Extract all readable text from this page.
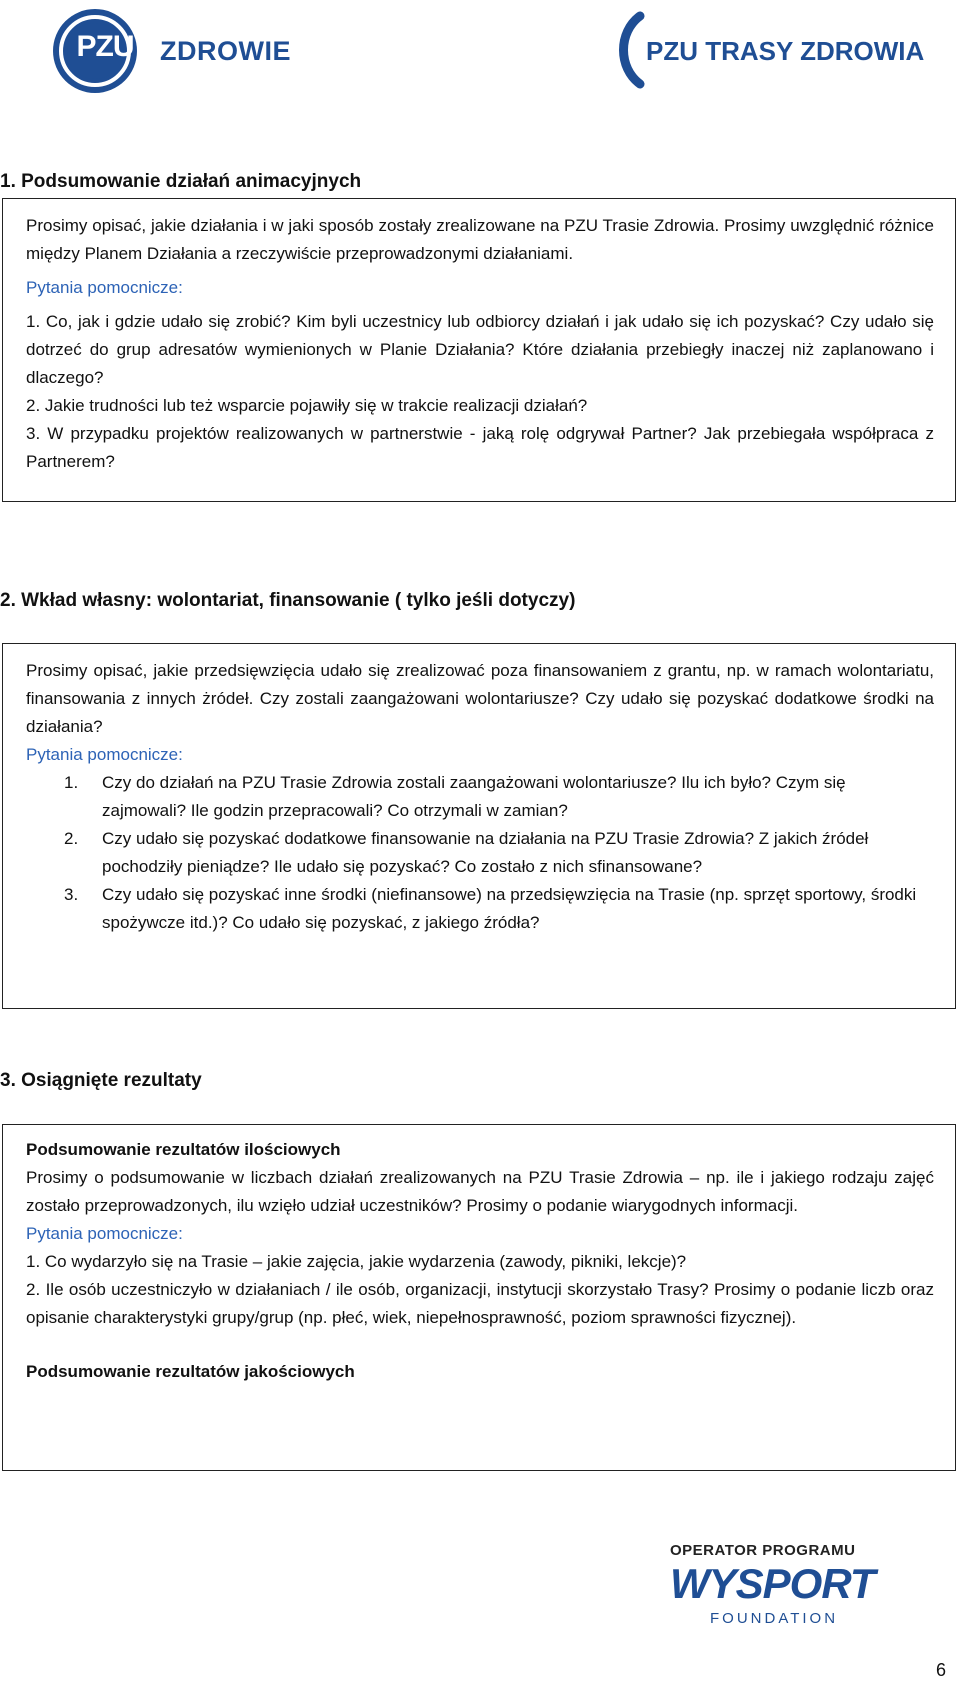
PZU ZDROWIE	PZU TRASY ZDROWIA
1. Podsumowanie działań animacyjnych

Prosimy opisać, jakie działania i w jaki sposób zostały zrealizowane na PZU Trasie Zdrowia. Prosimy uwzględnić różnice między Planem Działania a rzeczywiście przeprowadzonymi działaniami.

Pytania pomocnicze:

1. Co, jak i gdzie udało się zrobić? Kim byli uczestnicy lub odbiorcy działań i jak udało się ich pozyskać? Czy udało się dotrzeć do grup adresatów wymienionych w Planie Działania? Które działania przebiegły inaczej niż zaplanowano i dlaczego?

2. Jakie trudności lub też wsparcie pojawiły się w trakcie realizacji działań?

3. W przypadku projektów realizowanych w partnerstwie - jaką rolę odgrywał Partner? Jak przebiegała współpraca z Partnerem?

2. Wkład własny: wolontariat, finansowanie ( tylko jeśli dotyczy)

Prosimy opisać, jakie przedsięwzięcia udało się zrealizować poza finansowaniem z grantu, np. w ramach wolontariatu, finansowania z innych żródeł. Czy zostali zaangażowani wolontariusze? Czy udało się pozyskać dodatkowe środki na działania?

Pytania pomocnicze:

1. Czy do działań na PZU Trasie Zdrowia zostali zaangażowani wolontariusze? Ilu ich było? Czym się zajmowali? Ile godzin przepracowali? Co otrzymali w zamian?
2. Czy udało się pozyskać dodatkowe finansowanie na działania na PZU Trasie Zdrowia? Z jakich źródeł pochodziły pieniądze? Ile udało się pozyskać? Co zostało z nich sfinansowane?
3. Czy udało się pozyskać inne środki (niefinansowe) na przedsięwzięcia na Trasie (np. sprzęt sportowy, środki spożywcze itd.)? Co udało się pozyskać, z jakiego źródła?
3. Osiągnięte rezultaty

Podsumowanie rezultatów ilościowych

Prosimy o podsumowanie w liczbach działań zrealizowanych na PZU Trasie Zdrowia – np. ile i jakiego rodzaju zajęć zostało przeprowadzonych, ilu wzięło udział uczestników? Prosimy o podanie wiarygodnych informacji.

Pytania pomocnicze:

1. Co wydarzyło się na Trasie – jakie zajęcia, jakie wydarzenia (zawody, pikniki, lekcje)?

2. Ile osób uczestniczyło w działaniach / ile osób, organizacji, instytucji skorzystało Trasy? Prosimy o podanie liczb oraz opisanie charakterystyki grupy/grup (np. płeć, wiek, niepełnosprawność, poziom sprawności fizycznej).

Podsumowanie rezultatów jakościowych

OPERATOR PROGRAMU
WYSPORT
FOUNDATION
6
